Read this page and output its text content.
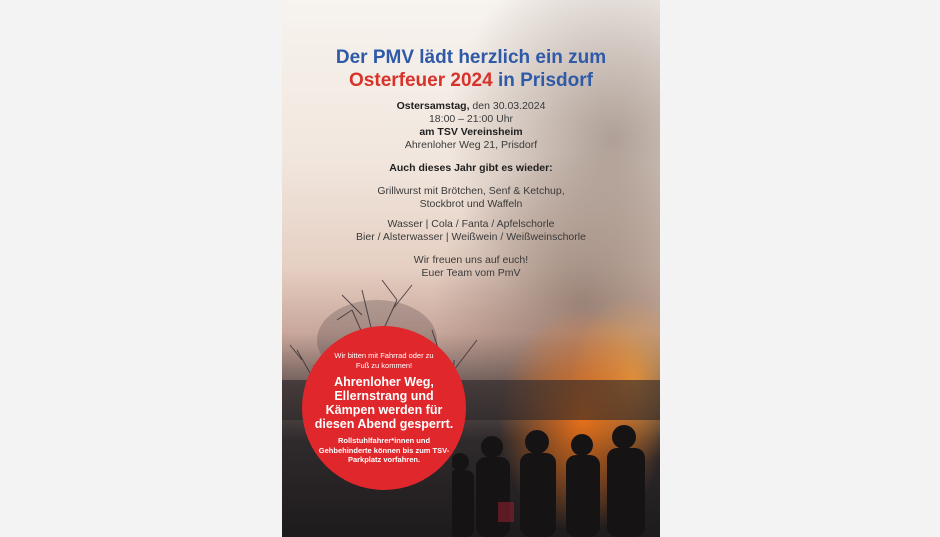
Der PMV lädt herzlich ein zum
Osterfeuer 2024 in Prisdorf
Ostersamstag, den 30.03.2024
18:00 – 21:00 Uhr
am TSV Vereinsheim
Ahrenloher Weg 21, Prisdorf
Auch dieses Jahr gibt es wieder:
Grillwurst mit Brötchen, Senf & Ketchup,
Stockbrot und Waffeln
Wasser | Cola / Fanta / Apfelschorle
Bier / Alsterwasser | Weißwein / Weißweinschorle
Wir freuen uns auf euch!
Euer Team vom PmV
Wir bitten mit Fahrrad oder zu Fuß zu kommen!
Ahrenloher Weg, Ellernstrang und Kämpen werden für diesen Abend gesperrt.
Rollstuhlfahrer*innen und Gehbehinderte können bis zum TSV-Parkplatz vorfahren.
